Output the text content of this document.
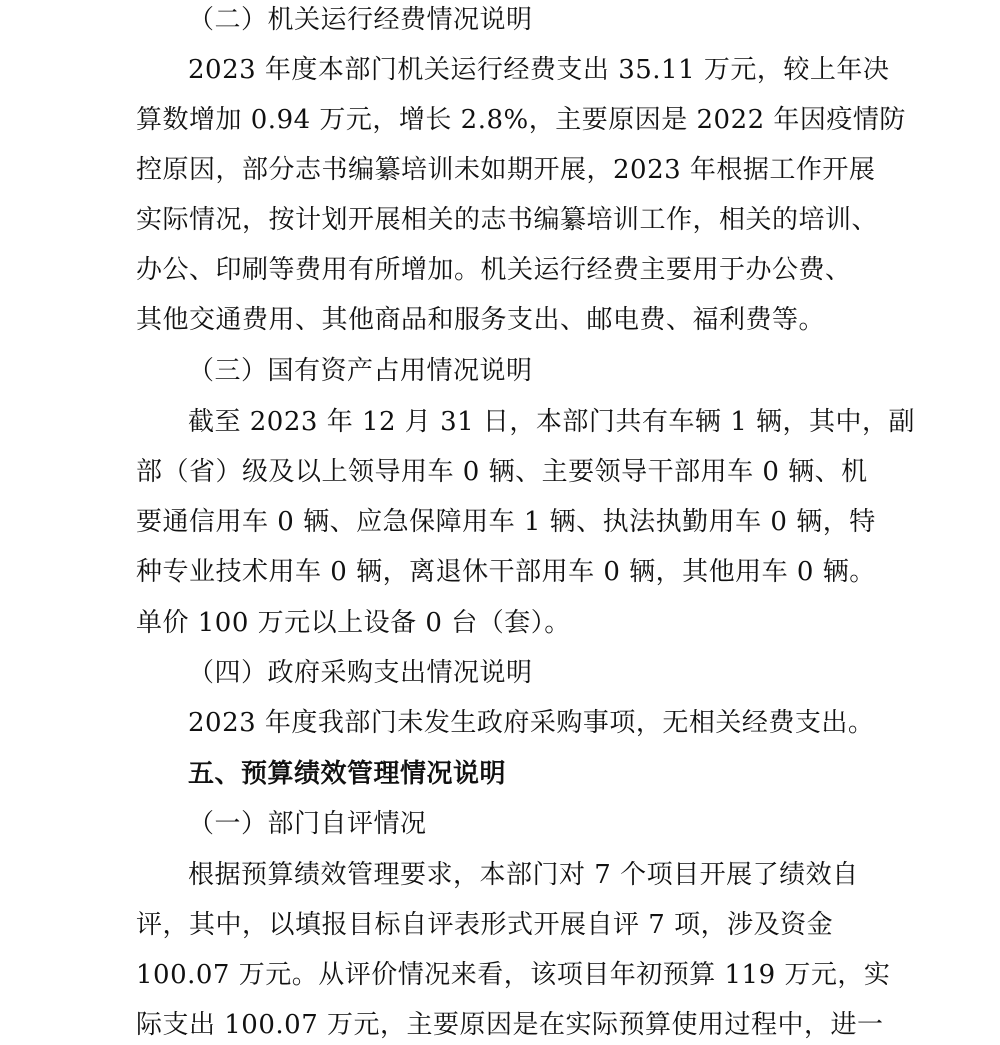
（二）机关运行经费情况说明
2023 年度本部门机关运行经费支出 35.11 万元，较上年决
算数增加 0.94 万元，增长 2.8%，主要原因是 2022 年因疫情防
控原因，部分志书编纂培训未如期开展，2023 年根据工作开展
实际情况，按计划开展相关的志书编纂培训工作，相关的培训、
办公、印刷等费用有所增加。机关运行经费主要用于办公费、
其他交通费用、其他商品和服务支出、邮电费、福利费等。
（三）国有资产占用情况说明
截至 2023 年 12 月 31 日，本部门共有车辆 1 辆，其中，副
部（省）级及以上领导用车 0 辆、主要领导干部用车 0 辆、机
要通信用车 0 辆、应急保障用车 1 辆、执法执勤用车 0 辆，特
种专业技术用车 0 辆，离退休干部用车 0 辆，其他用车 0 辆。
单价 100 万元以上设备 0 台（套）。
（四）政府采购支出情况说明
2023 年度我部门未发生政府采购事项，无相关经费支出。
五、预算绩效管理情况说明
（一）部门自评情况
根据预算绩效管理要求，本部门对 7 个项目开展了绩效自
评，其中，以填报目标自评表形式开展自评 7 项，涉及资金
100.07 万元。从评价情况来看，该项目年初预算 119 万元，实
际支出 100.07 万元，主要原因是在实际预算使用过程中，进一
